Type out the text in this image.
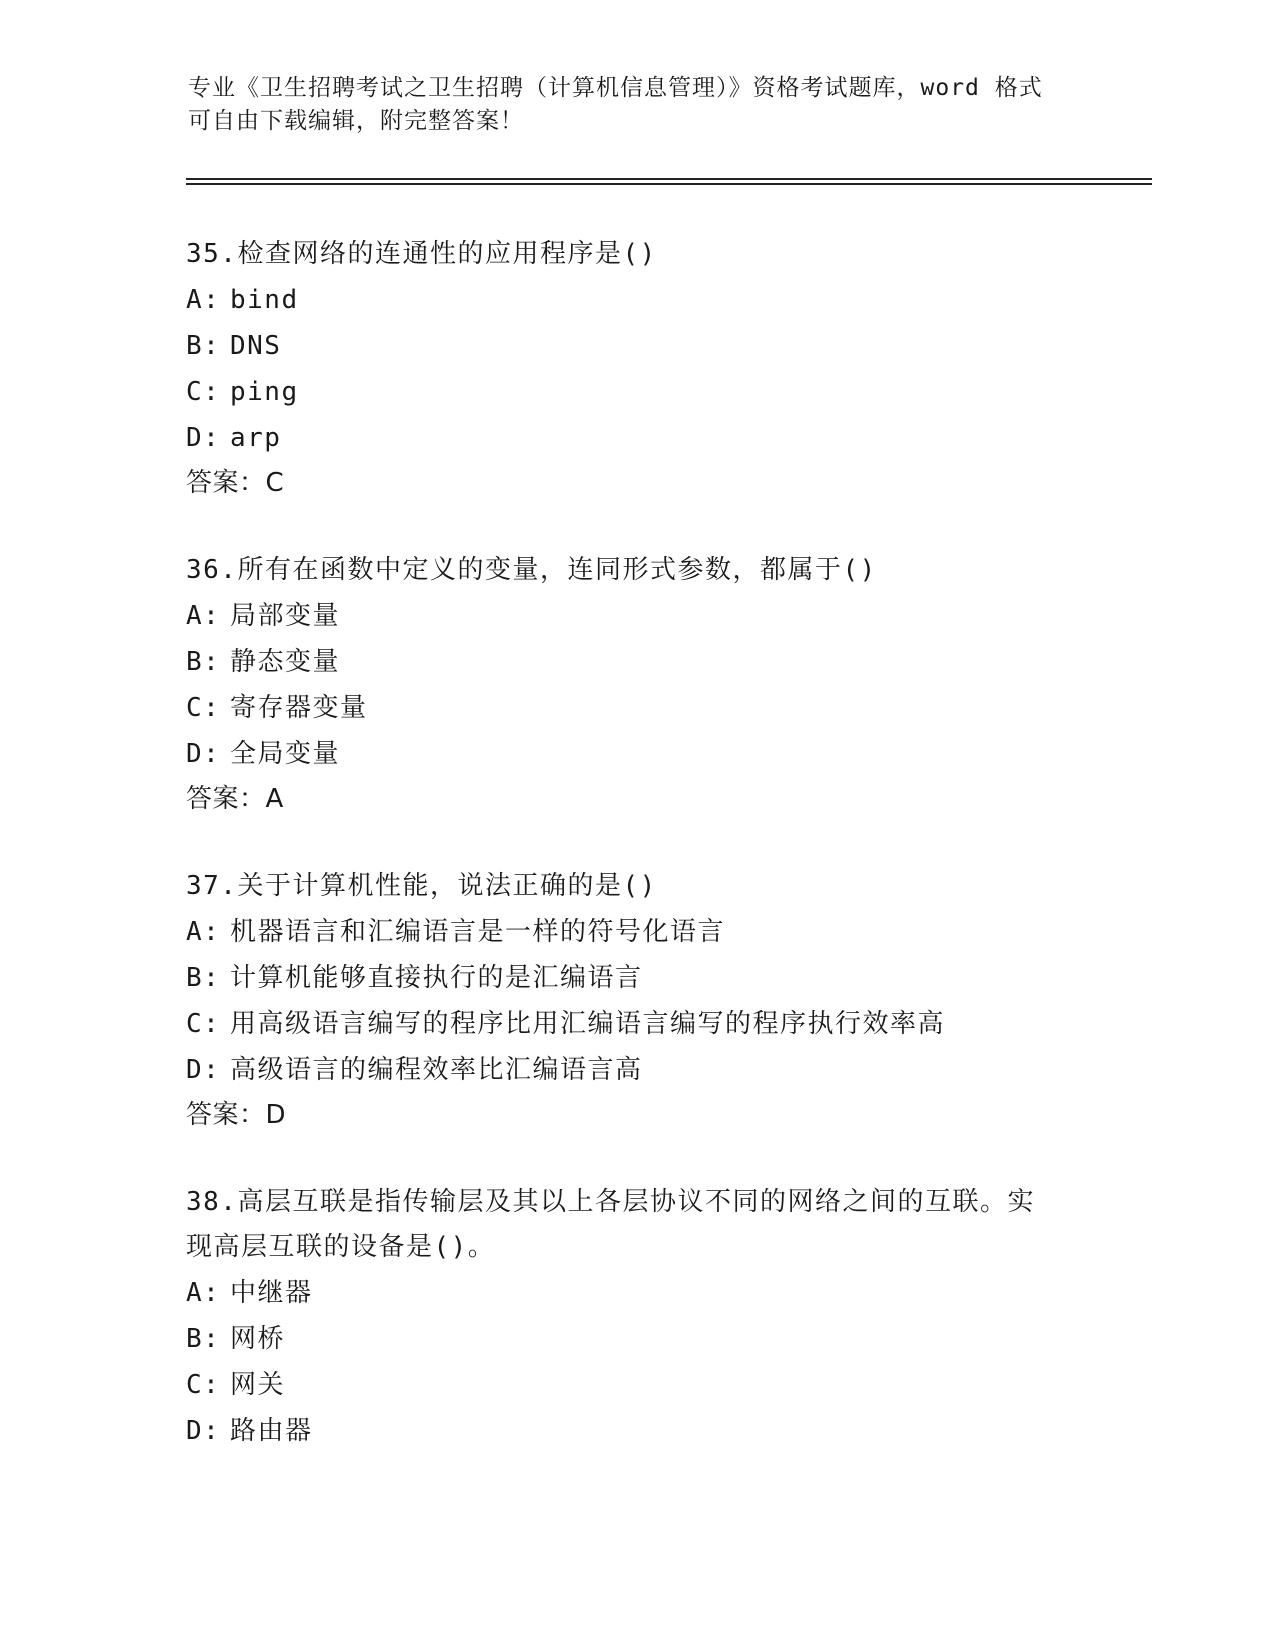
专业《卫生招聘考试之卫生招聘（计算机信息管理）》资格考试题库，word 格式
可自由下载编辑，附完整答案！

35.检查网络的连通性的应用程序是()

A: bind

B: DNS

C: ping

D: arp

答案：C

36.所有在函数中定义的变量，连同形式参数，都属于()

A: 局部变量

B: 静态变量

C: 寄存器变量

D: 全局变量

答案：A

37.关于计算机性能，说法正确的是()

A: 机器语言和汇编语言是一样的符号化语言

B: 计算机能够直接执行的是汇编语言

C: 用高级语言编写的程序比用汇编语言编写的程序执行效率高

D: 高级语言的编程效率比汇编语言高

答案：D

38.高层互联是指传输层及其以上各层协议不同的网络之间的互联。实

现高层互联的设备是()。

A: 中继器

B: 网桥

C: 网关

D: 路由器
